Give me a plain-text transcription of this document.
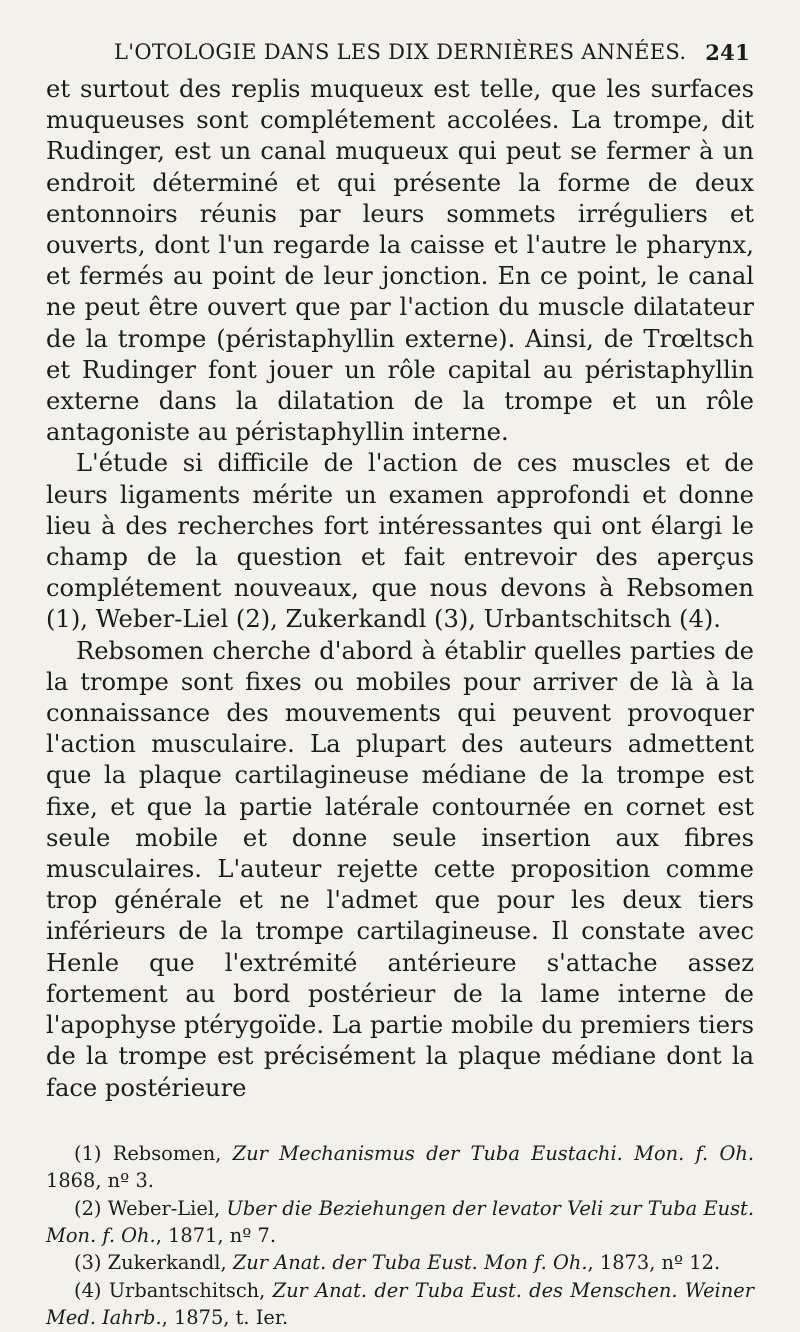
L'OTOLOGIE DANS LES DIX DERNIÈRES ANNÉES. 241

et surtout des replis muqueux est telle, que les surfaces muqueuses sont complétement accolées. La trompe, dit Rudinger, est un canal muqueux qui peut se fermer à un endroit déterminé et qui présente la forme de deux entonnoirs réunis par leurs sommets irréguliers et ouverts, dont l'un regarde la caisse et l'autre le pharynx, et fermés au point de leur jonction. En ce point, le canal ne peut être ouvert que par l'action du muscle dilatateur de la trompe (péristaphyllin externe). Ainsi, de Trœltsch et Rudinger font jouer un rôle capital au péristaphyllin externe dans la dilatation de la trompe et un rôle antagoniste au péristaphyllin interne.

L'étude si difficile de l'action de ces muscles et de leurs ligaments mérite un examen approfondi et donne lieu à des recherches fort intéressantes qui ont élargi le champ de la question et fait entrevoir des aperçus complétement nouveaux, que nous devons à Rebsomen (1), Weber-Liel (2), Zukerkandl (3), Urbantschitsch (4).

Rebsomen cherche d'abord à établir quelles parties de la trompe sont fixes ou mobiles pour arriver de là à la connaissance des mouvements qui peuvent provoquer l'action musculaire. La plupart des auteurs admettent que la plaque cartilagineuse médiane de la trompe est fixe, et que la partie latérale contournée en cornet est seule mobile et donne seule insertion aux fibres musculaires. L'auteur rejette cette proposition comme trop générale et ne l'admet que pour les deux tiers inférieurs de la trompe cartilagineuse. Il constate avec Henle que l'extrémité antérieure s'attache assez fortement au bord postérieur de la lame interne de l'apophyse ptérygoïde. La partie mobile du premiers tiers de la trompe est précisément la plaque médiane dont la face postérieure

(1) Rebsomen, Zur Mechanismus der Tuba Eustachi. Mon. f. Oh. 1868, nº 3.

(2) Weber-Liel, Uber die Beziehungen der levator Veli zur Tuba Eust. Mon. f. Oh., 1871, nº 7.

(3) Zukerkandl, Zur Anat. der Tuba Eust. Mon f. Oh., 1873, nº 12.

(4) Urbantschitsch, Zur Anat. der Tuba Eust. des Menschen. Weiner Med. Iahrb., 1875, t. Ier.
